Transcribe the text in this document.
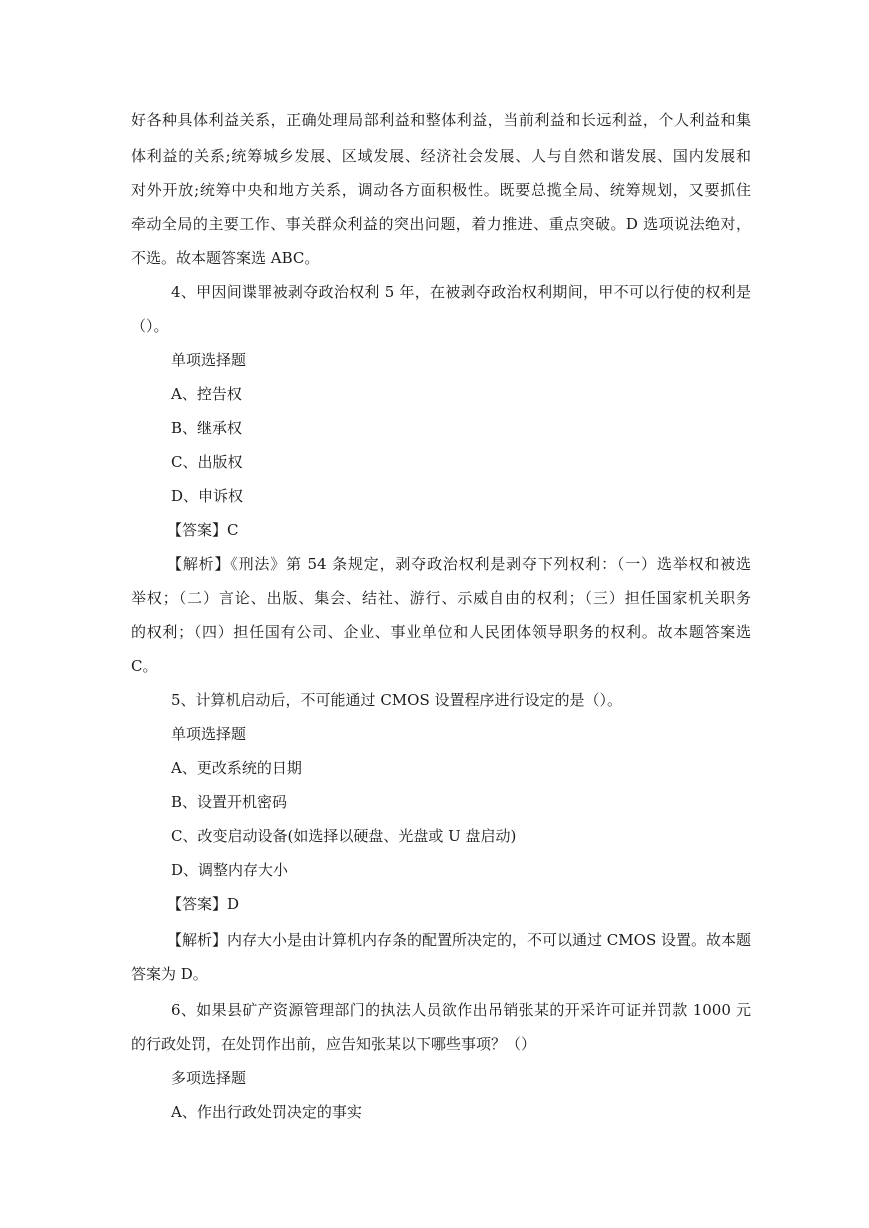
好各种具体利益关系，正确处理局部利益和整体利益，当前利益和长远利益，个人利益和集
体利益的关系;统筹城乡发展、区域发展、经济社会发展、人与自然和谐发展、国内发展和
对外开放;统筹中央和地方关系，调动各方面积极性。既要总揽全局、统筹规划，又要抓住
牵动全局的主要工作、事关群众利益的突出问题，着力推进、重点突破。D 选项说法绝对，
不选。故本题答案选 ABC。
4、甲因间谍罪被剥夺政治权利 5 年，在被剥夺政治权利期间，甲不可以行使的权利是
（）。
单项选择题
A、控告权
B、继承权
C、出版权
D、申诉权
【答案】C
【解析】《刑法》第 54 条规定，剥夺政治权利是剥夺下列权利：（一）选举权和被选
举权；（二）言论、出版、集会、结社、游行、示威自由的权利；（三）担任国家机关职务
的权利；（四）担任国有公司、企业、事业单位和人民团体领导职务的权利。故本题答案选
C。
5、计算机启动后，不可能通过 CMOS 设置程序进行设定的是（）。
单项选择题
A、更改系统的日期
B、设置开机密码
C、改变启动设备(如选择以硬盘、光盘或 U 盘启动)
D、调整内存大小
【答案】D
【解析】内存大小是由计算机内存条的配置所决定的，不可以通过 CMOS 设置。故本题
答案为 D。
6、如果县矿产资源管理部门的执法人员欲作出吊销张某的开采许可证并罚款 1000 元
的行政处罚，在处罚作出前，应告知张某以下哪些事项？（）
多项选择题
A、作出行政处罚决定的事实
